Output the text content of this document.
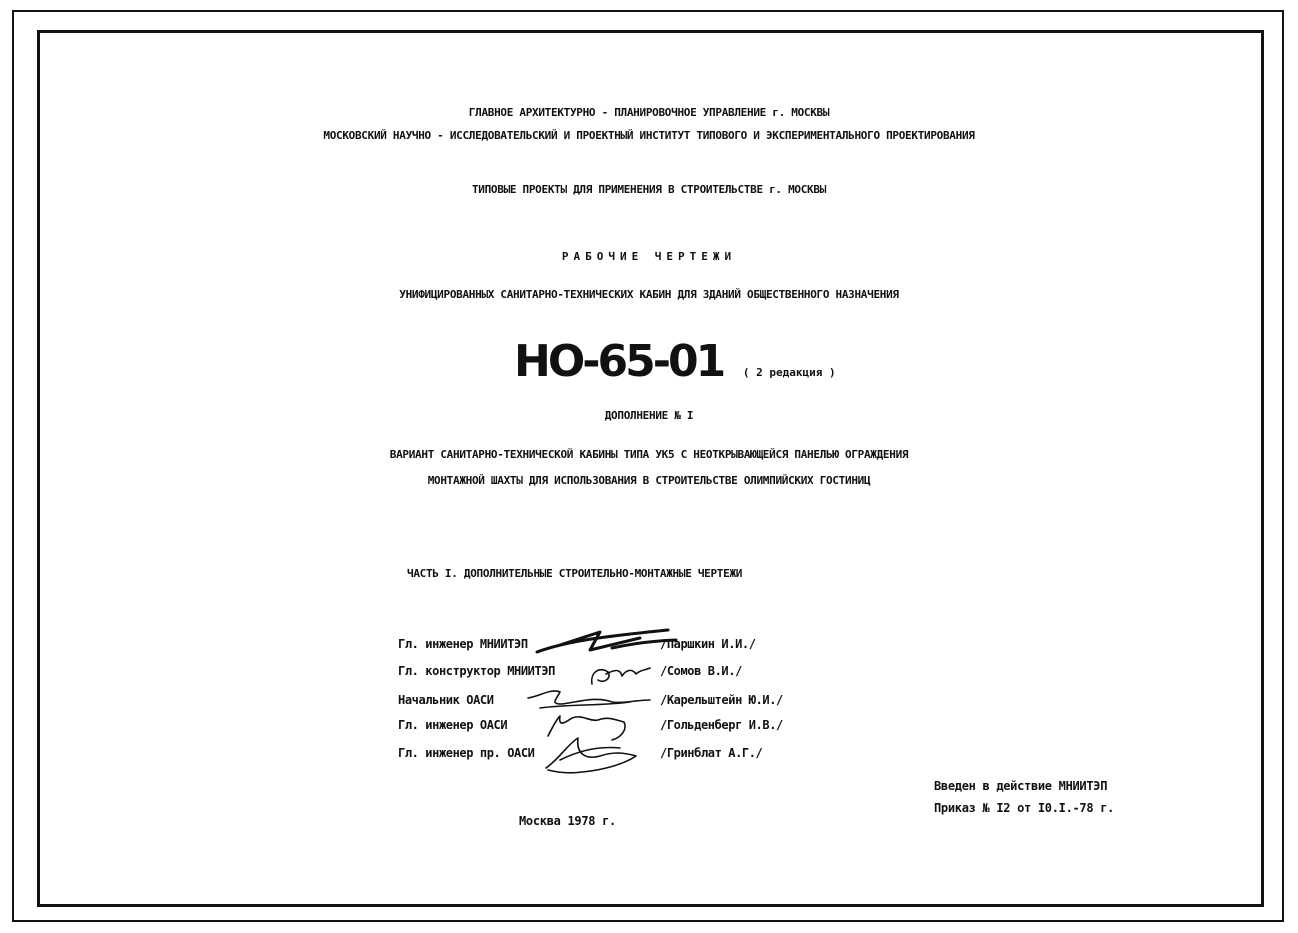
ГЛАВНОЕ АРХИТЕКТУРНО - ПЛАНИРОВОЧНОЕ УПРАВЛЕНИЕ г. МОСКВЫ
МОСКОВСКИЙ НАУЧНО - ИССЛЕДОВАТЕЛЬСКИЙ И ПРОЕКТНЫЙ ИНСТИТУТ ТИПОВОГО И ЭКСПЕРИМЕНТАЛЬНОГО ПРОЕКТИРОВАНИЯ
ТИПОВЫЕ ПРОЕКТЫ ДЛЯ ПРИМЕНЕНИЯ В СТРОИТЕЛЬСТВЕ г. МОСКВЫ
РАБОЧИЕ ЧЕРТЕЖИ
УНИФИЦИРОВАННЫХ САНИТАРНО-ТЕХНИЧЕСКИХ КАБИН ДЛЯ ЗДАНИЙ ОБЩЕСТВЕННОГО НАЗНАЧЕНИЯ
НО-65-01 ( 2 редакция )
ДОПОЛНЕНИЕ № I
ВАРИАНТ САНИТАРНО-ТЕХНИЧЕСКОЙ КАБИНЫ ТИПА УК5 С НЕОТКРЫВАЮЩЕЙСЯ ПАНЕЛЬЮ ОГРАЖДЕНИЯ
МОНТАЖНОЙ ШАХТЫ ДЛЯ ИСПОЛЬЗОВАНИЯ В СТРОИТЕЛЬСТВЕ ОЛИМПИЙСКИХ ГОСТИНИЦ
ЧАСТЬ I. ДОПОЛНИТЕЛЬНЫЕ СТРОИТЕЛЬНО-МОНТАЖНЫЕ ЧЕРТЕЖИ
Гл. инженер МНИИТЭП
Гл. конструктор МНИИТЭП
Начальник ОАСИ
Гл. инженер ОАСИ
Гл. инженер пр. ОАСИ
/Паршкин И.И./
/Сомов В.И./
/Карельштейн Ю.И./
/Гольденберг И.В./
/Гринблат А.Г./
Москва 1978 г.
Введен в действие МНИИТЭП
Приказ № I2 от I0.I.-78 г.
